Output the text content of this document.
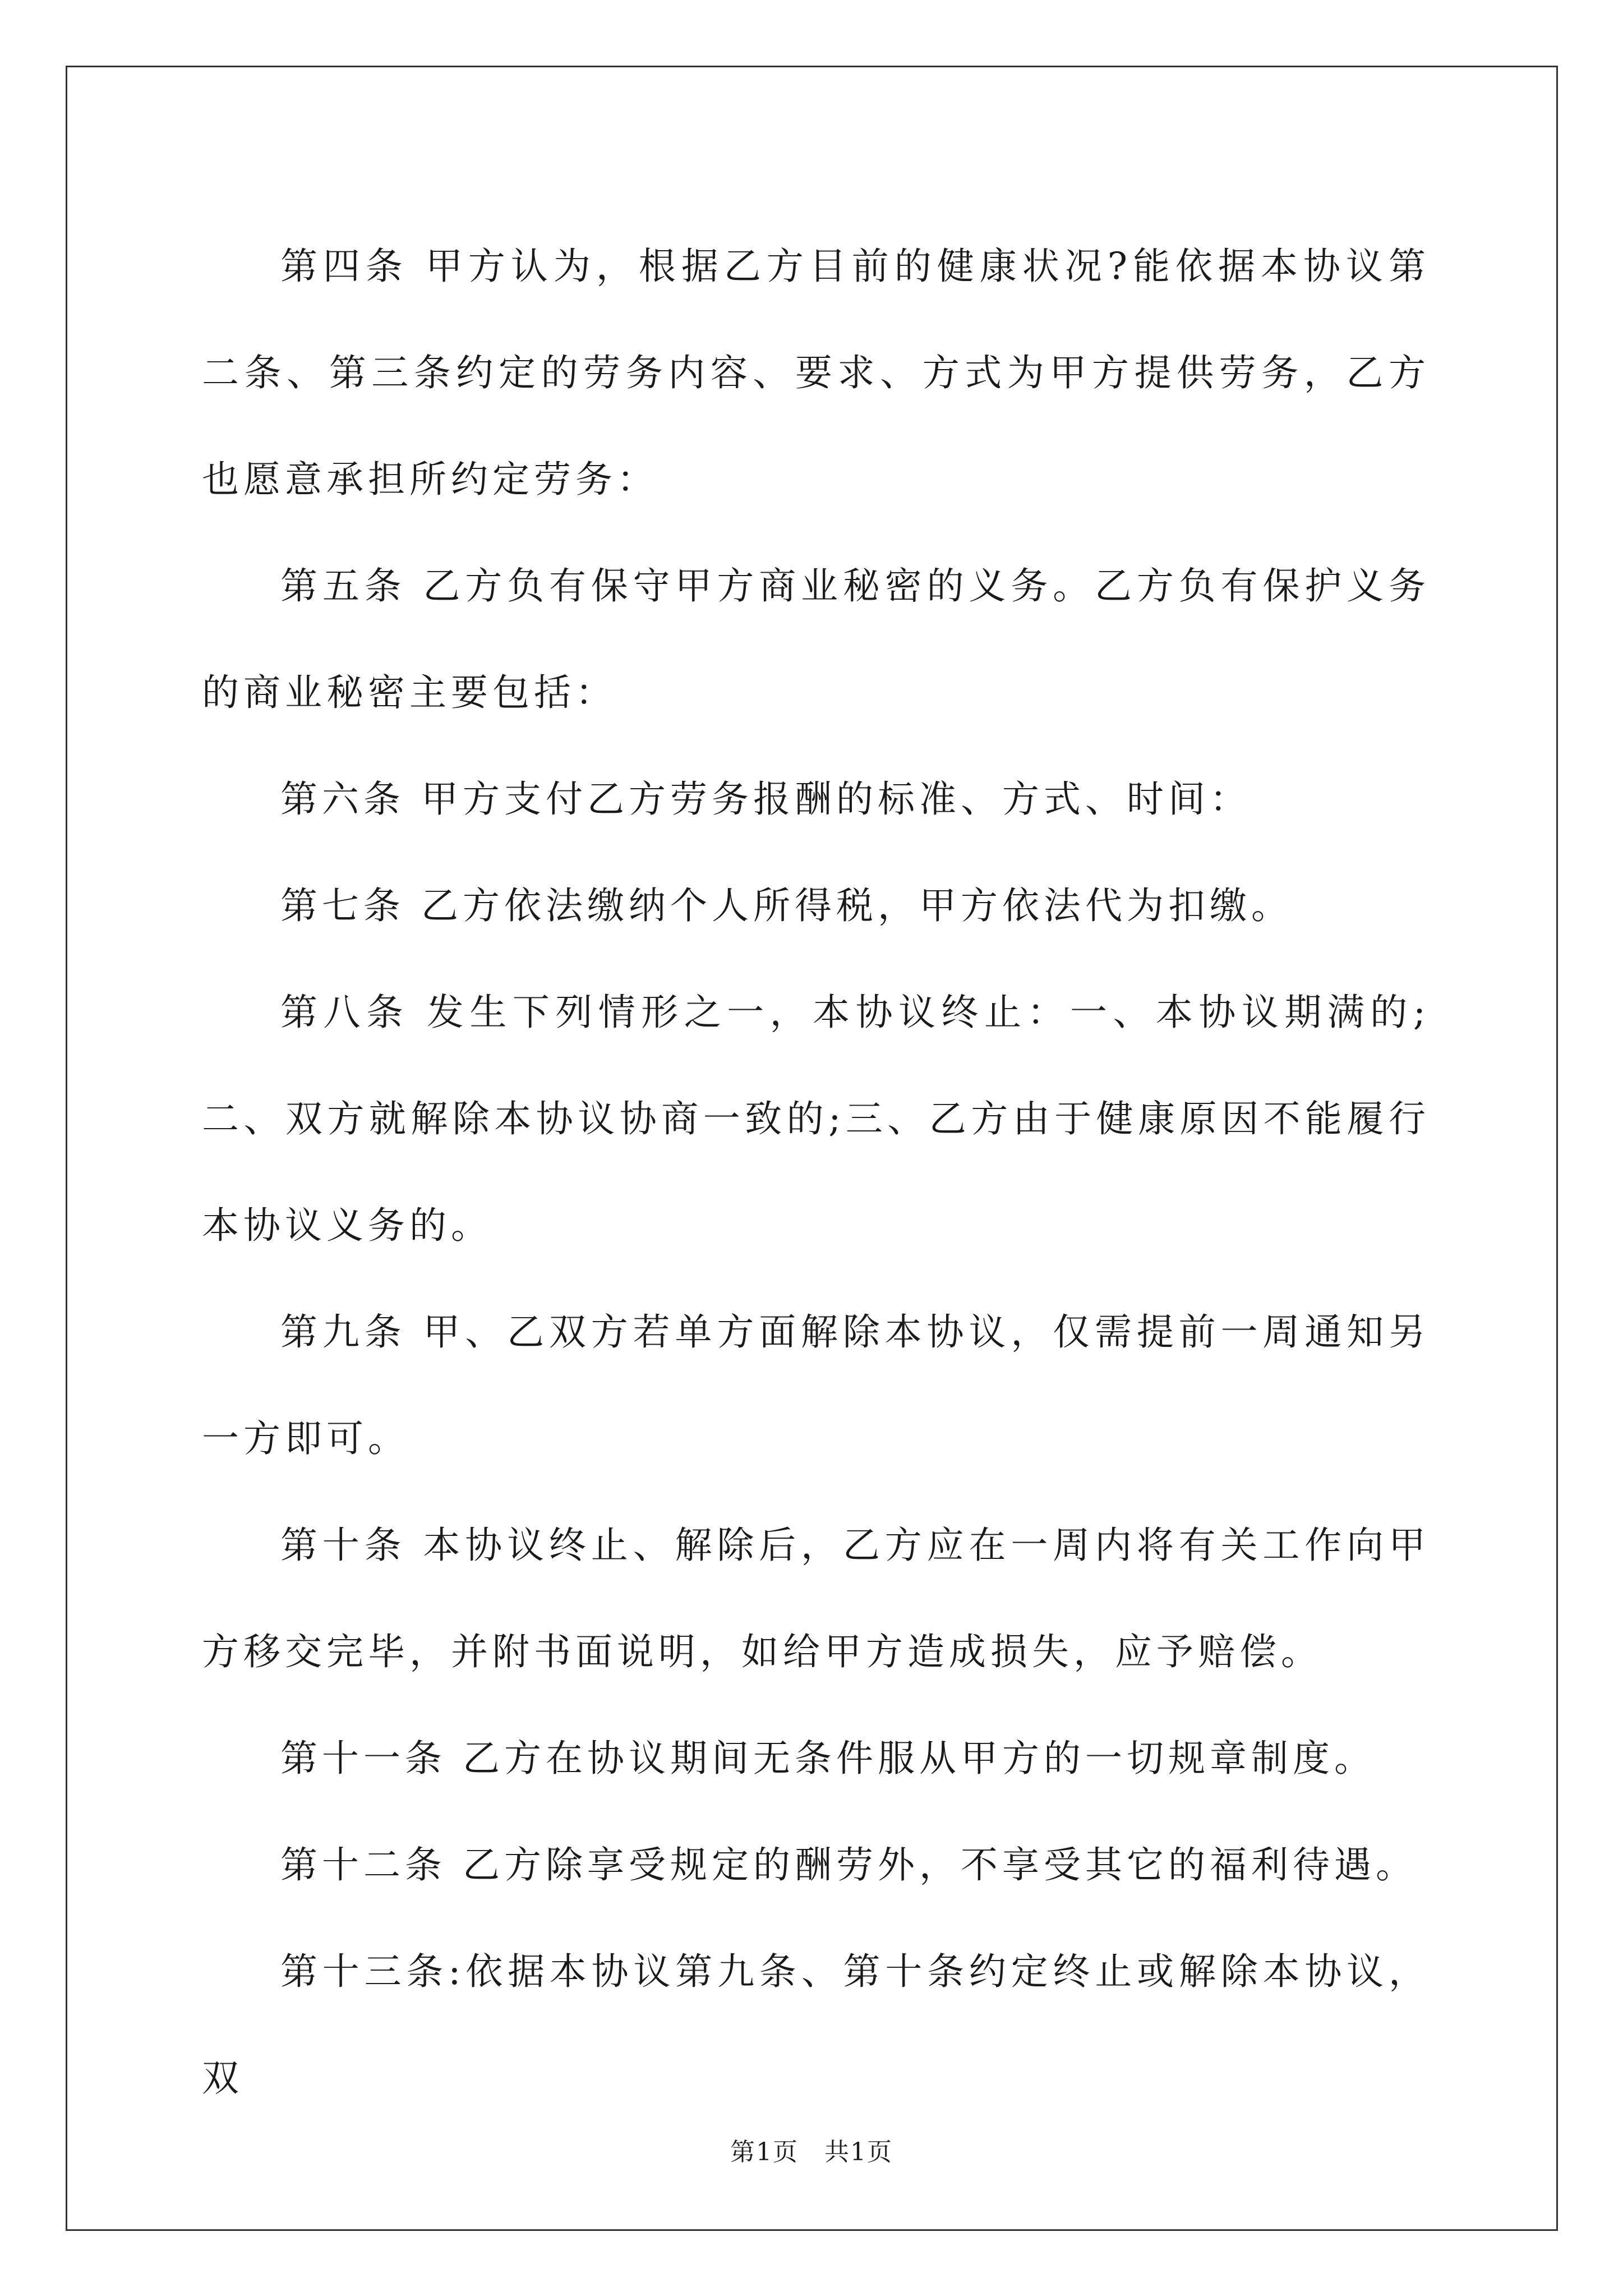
第四条 甲方认为，根据乙方目前的健康状况?能依据本协议第二条、第三条约定的劳务内容、要求、方式为甲方提供劳务，乙方也愿意承担所约定劳务：

第五条 乙方负有保守甲方商业秘密的义务。乙方负有保护义务的商业秘密主要包括：

第六条 甲方支付乙方劳务报酬的标准、方式、时间：

第七条 乙方依法缴纳个人所得税，甲方依法代为扣缴。

第八条 发生下列情形之一，本协议终止：一、本协议期满的;二、双方就解除本协议协商一致的;三、乙方由于健康原因不能履行本协议义务的。

第九条 甲、乙双方若单方面解除本协议，仅需提前一周通知另一方即可。

第十条 本协议终止、解除后，乙方应在一周内将有关工作向甲方移交完毕，并附书面说明，如给甲方造成损失，应予赔偿。

第十一条 乙方在协议期间无条件服从甲方的一切规章制度。

第十二条 乙方除享受规定的酬劳外，不享受其它的福利待遇。

第十三条:依据本协议第九条、第十条约定终止或解除本协议，双

第1页　共1页
